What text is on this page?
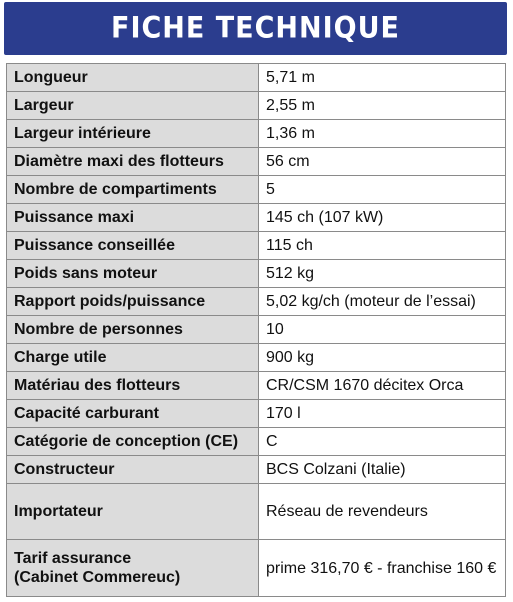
FICHE TECHNIQUE
Longueur	5,71 m
Largeur	2,55 m
Largeur intérieure	1,36 m
Diamètre maxi des flotteurs	56 cm
Nombre de compartiments	5
Puissance maxi	145 ch (107 kW)
Puissance conseillée	115 ch
Poids sans moteur	512 kg
Rapport poids/puissance	5,02 kg/ch (moteur de l’essai)
Nombre de personnes	10
Charge utile	900 kg
Matériau des flotteurs	CR/CSM 1670 décitex Orca
Capacité carburant	170 l
Catégorie de conception (CE)	C
Constructeur	BCS Colzani (Italie)
Importateur	Réseau de revendeurs

Tarif assurance
(Cabinet Commereuc)	prime 316,70 € - franchise 160 €
